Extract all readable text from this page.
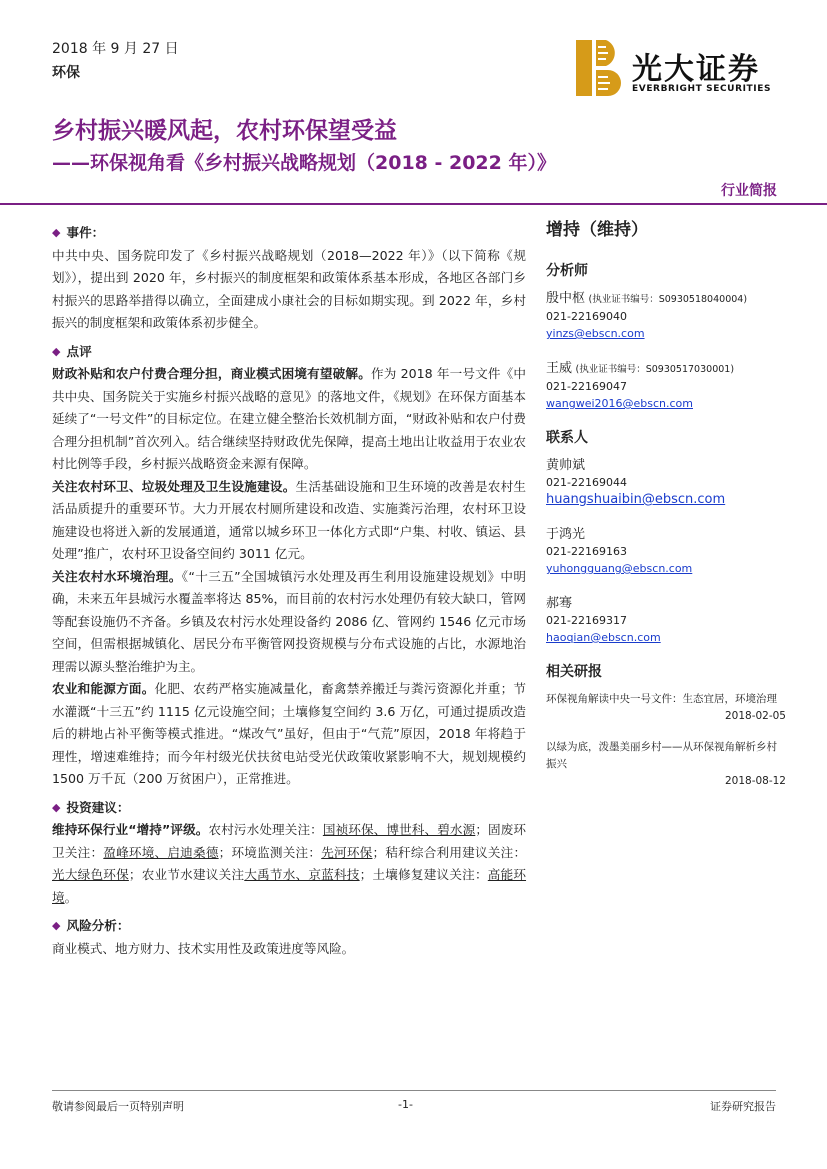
2018 年 9 月 27 日
环保	光大证券
EVERBRIGHT SECURITIES
乡村振兴暖风起，农村环保望受益
——环保视角看《乡村振兴战略规划（2018 - 2022 年）》
行业简报
◆ 事件：

中共中央、国务院印发了《乡村振兴战略规划（2018—2022 年）》（以下简称《规划》），提出到 2020 年，乡村振兴的制度框架和政策体系基本形成，各地区各部门乡村振兴的思路举措得以确立，全面建成小康社会的目标如期实现。到 2022 年，乡村振兴的制度框架和政策体系初步健全。

◆ 点评

财政补贴和农户付费合理分担，商业模式困境有望破解。作为 2018 年一号文件《中共中央、国务院关于实施乡村振兴战略的意见》的落地文件，《规划》在环保方面基本延续了“一号文件”的目标定位。在建立健全整治长效机制方面，“财政补贴和农户付费合理分担机制”首次列入。结合继续坚持财政优先保障，提高土地出让收益用于农业农村比例等手段，乡村振兴战略资金来源有保障。

关注农村环卫、垃圾处理及卫生设施建设。生活基础设施和卫生环境的改善是农村生活品质提升的重要环节。大力开展农村厕所建设和改造、实施粪污治理，农村环卫设施建设也将迸入新的发展通道，通常以城乡环卫一体化方式即“户集、村收、镇运、县处理”推广，农村环卫设备空间约 3011 亿元。

关注农村水环境治理。《“十三五”全国城镇污水处理及再生利用设施建设规划》中明确，未来五年县城污水覆盖率将达 85%，而目前的农村污水处理仍有较大缺口，管网等配套设施仍不齐备。乡镇及农村污水处理设备约 2086 亿、管网约 1546 亿元市场空间，但需根据城镇化、居民分布平衡管网投资规模与分布式设施的占比，水源地治理需以源头整治维护为主。

农业和能源方面。化肥、农药严格实施减量化，畜禽禁养搬迁与粪污资源化并重；节水灌溉“十三五”约 1115 亿元设施空间；土壤修复空间约 3.6 万亿，可通过提质改造后的耕地占补平衡等模式推进。“煤改气”虽好，但由于“气荒”原因，2018 年将趋于理性，增速难维持；而今年村级光伏扶贫电站受光伏政策收紧影响不大，规划规模约 1500 万千瓦（200 万贫困户），正常推进。

◆ 投资建议：

维持环保行业“增持”评级。农村污水处理关注：国祯环保、博世科、碧水源；固废环卫关注：盈峰环境、启迪桑德；环境监测关注：先河环保；秸秆综合利用建议关注：光大绿色环保；农业节水建议关注大禹节水、京蓝科技；土壤修复建议关注：高能环境。

◆ 风险分析：

商业模式、地方财力、技术实用性及政策进度等风险。

增持（维持）
分析师
殷中枢 (执业证书编号：S0930518040004)
021-22169040
yinzs@ebscn.com
王威 (执业证书编号：S0930517030001)
021-22169047
wangwei2016@ebscn.com
联系人
黄帅斌
021-22169044
huangshuaibin@ebscn.com
于鸿光
021-22169163
yuhongguang@ebscn.com
郝骞
021-22169317
haoqian@ebscn.com
相关研报
环保视角解读中央一号文件：生态宜居，环境治理
2018-02-05
以绿为底，泼墨美丽乡村——从环保视角解析乡村振兴
2018-08-12
敬请参阅最后一页特别声明	-1-	证券研究报告
